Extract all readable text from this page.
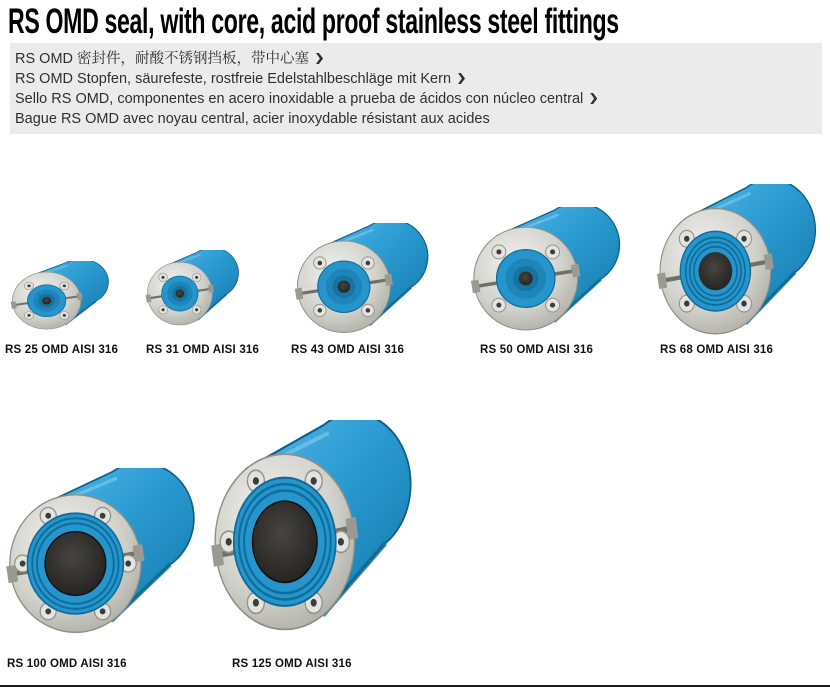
RS OMD seal, with core, acid proof stainless steel fittings
RS OMD 密封件，耐酸不锈钢挡板，带中心塞
RS OMD Stopfen, säurefeste, rostfreie Edelstahlbeschläge mit Kern
Sello RS OMD, componentes en acero inoxidable a prueba de ácidos con núcleo central
Bague RS OMD avec noyau central, acier inoxydable résistant aux acides
RS 25 OMD AISI 316 RS 31 OMD AISI 316	RS 43 OMD AISI 316	RS 50 OMD AISI 316	RS 68 OMD AISI 316
RS 100 OMD AISI 316	RS 125 OMD AISI 316
